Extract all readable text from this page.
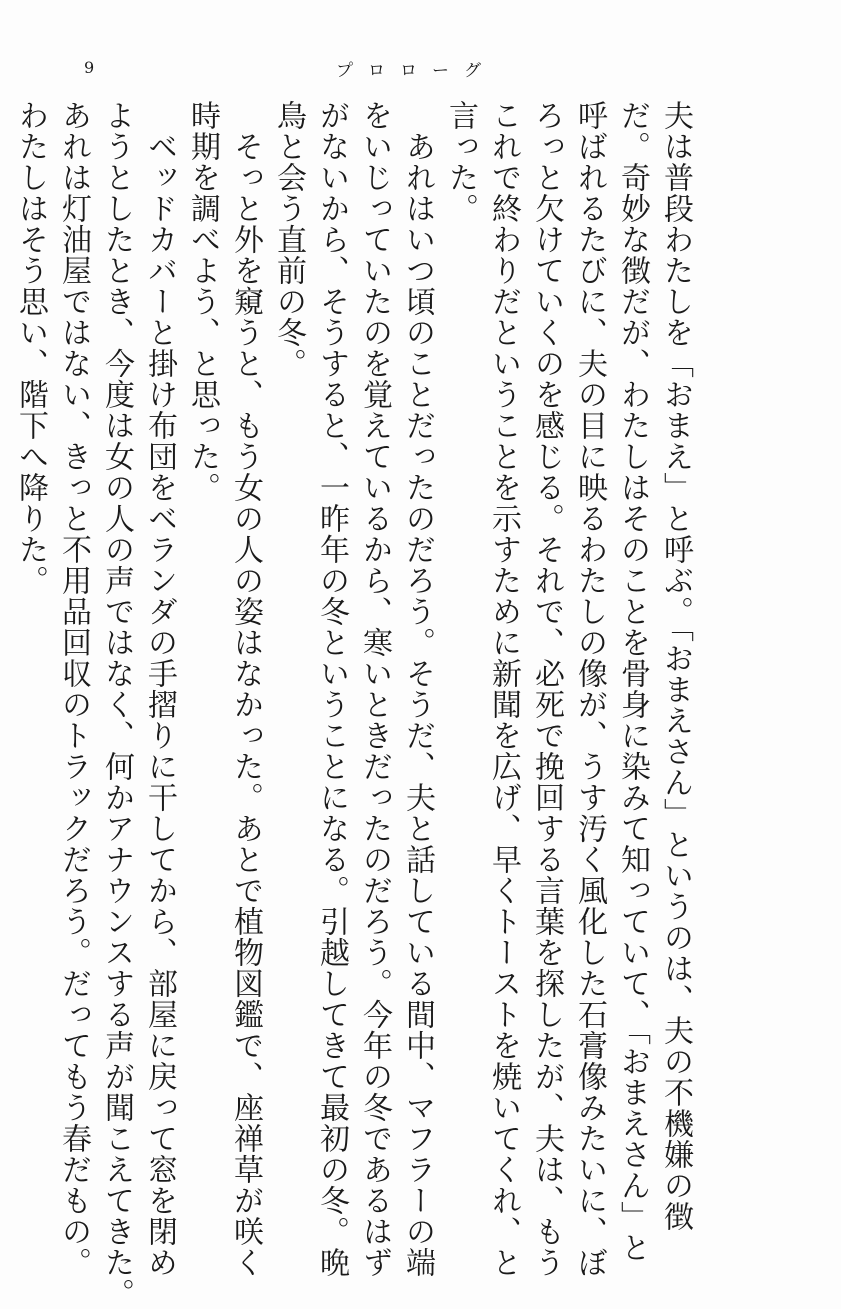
9	プロローグ
夫は普段わたしを「おまえ」と呼ぶ。「おまえさん」というのは、夫の不機嫌の徴
だ。奇妙な徴だが、わたしはそのことを骨身に染みて知っていて、「おまえさん」と
呼ばれるたびに、夫の目に映るわたしの像が、うす汚く風化した石膏像みたいに、ぼ
ろっと欠けていくのを感じる。それで、必死で挽回する言葉を探したが、夫は、もう
これで終わりだということを示すために新聞を広げ、早くトーストを焼いてくれ、と
言った。
　あれはいつ頃のことだったのだろう。そうだ、夫と話している間中、マフラーの端
をいじっていたのを覚えているから、寒いときだったのだろう。今年の冬であるはず
がないから、そうすると、一昨年の冬ということになる。引越してきて最初の冬。晩
鳥と会う直前の冬。
　そっと外を窺うと、もう女の人の姿はなかった。あとで植物図鑑で、座禅草が咲く
時期を調べよう、と思った。
　ベッドカバーと掛け布団をベランダの手摺りに干してから、部屋に戻って窓を閉め
ようとしたとき、今度は女の人の声ではなく、何かアナウンスする声が聞こえてきた。
あれは灯油屋ではない、きっと不用品回収のトラックだろう。だってもう春だもの。
わたしはそう思い、階下へ降りた。
